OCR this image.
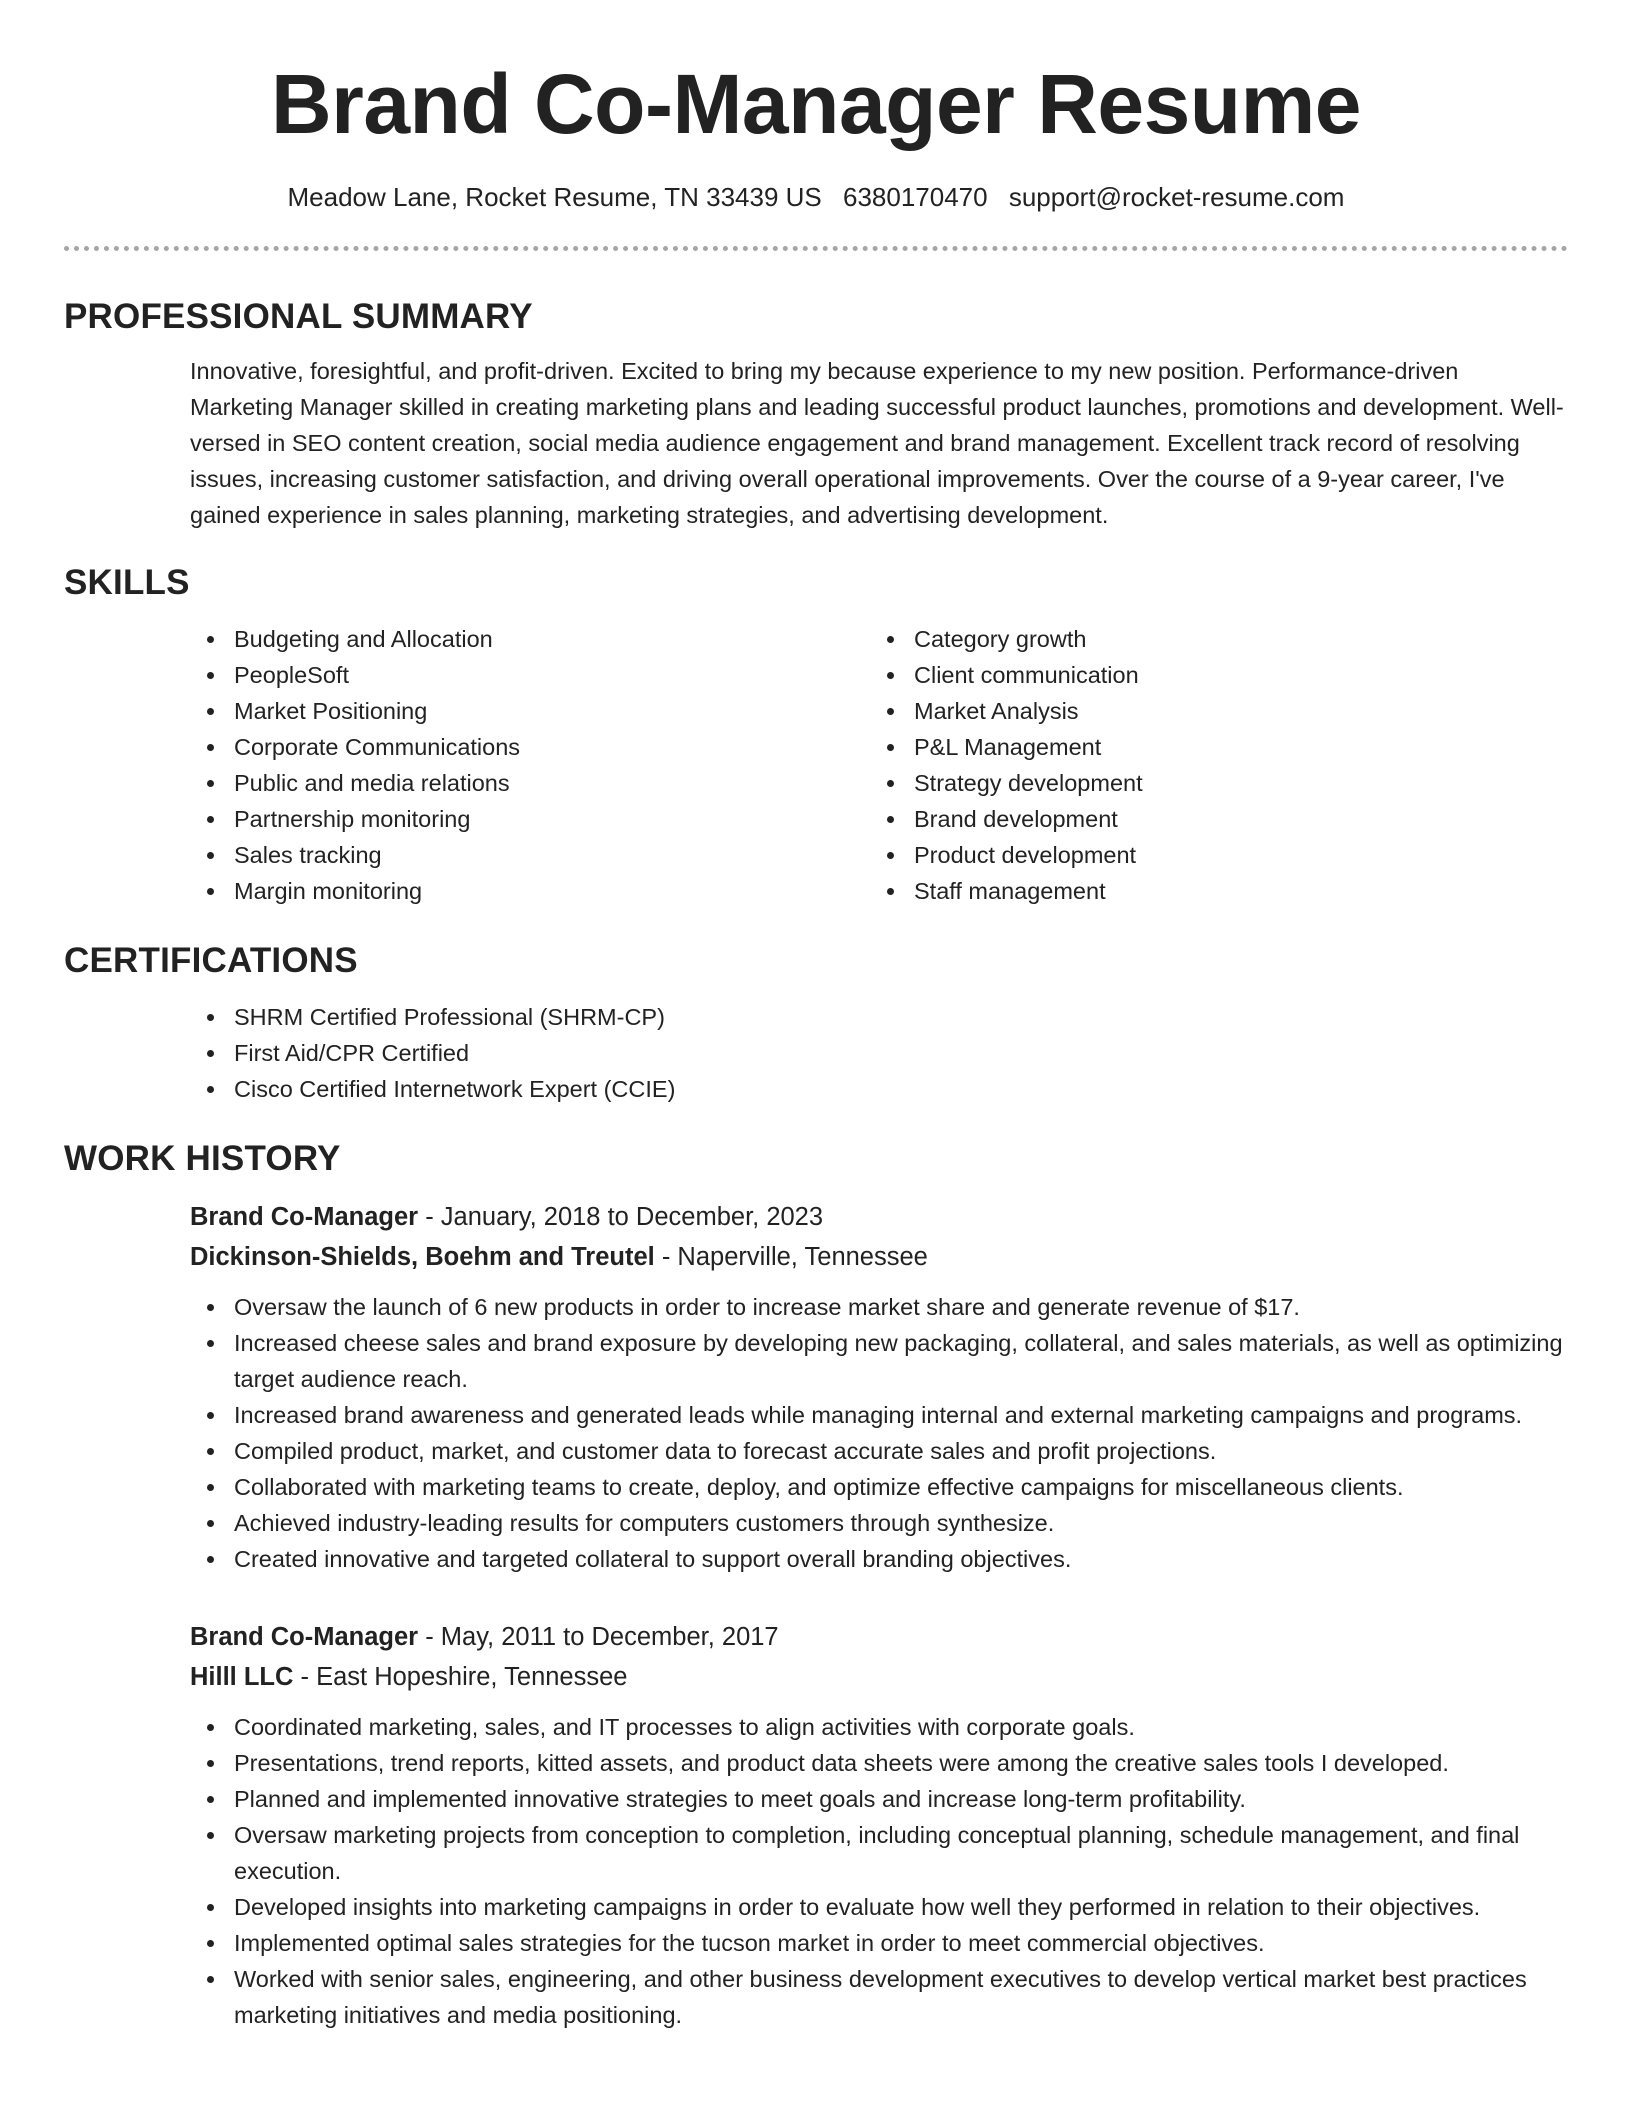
Brand Co-Manager Resume
Meadow Lane, Rocket Resume, TN 33439 US 6380170470 support@rocket-resume.com
PROFESSIONAL SUMMARY

Innovative, foresightful, and profit-driven. Excited to bring my because experience to my new position. Performance-driven Marketing Manager skilled in creating marketing plans and leading successful product launches, promotions and development. Well-versed in SEO content creation, social media audience engagement and brand management. Excellent track record of resolving issues, increasing customer satisfaction, and driving overall operational improvements. Over the course of a 9-year career, I've gained experience in sales planning, marketing strategies, and advertising development.

SKILLS
Budgeting and Allocation
PeopleSoft
Market Positioning
Corporate Communications
Public and media relations
Partnership monitoring
Sales tracking
Margin monitoring
Category growth
Client communication
Market Analysis
P&L Management
Strategy development
Brand development
Product development
Staff management
CERTIFICATIONS
SHRM Certified Professional (SHRM-CP)
First Aid/CPR Certified
Cisco Certified Internetwork Expert (CCIE)
WORK HISTORY
Brand Co-Manager - January, 2018 to December, 2023
Dickinson-Shields, Boehm and Treutel - Naperville, Tennessee
Oversaw the launch of 6 new products in order to increase market share and generate revenue of $17.
Increased cheese sales and brand exposure by developing new packaging, collateral, and sales materials, as well as optimizing target audience reach.
Increased brand awareness and generated leads while managing internal and external marketing campaigns and programs.
Compiled product, market, and customer data to forecast accurate sales and profit projections.
Collaborated with marketing teams to create, deploy, and optimize effective campaigns for miscellaneous clients.
Achieved industry-leading results for computers customers through synthesize.
Created innovative and targeted collateral to support overall branding objectives.
Brand Co-Manager - May, 2011 to December, 2017
Hilll LLC - East Hopeshire, Tennessee
Coordinated marketing, sales, and IT processes to align activities with corporate goals.
Presentations, trend reports, kitted assets, and product data sheets were among the creative sales tools I developed.
Planned and implemented innovative strategies to meet goals and increase long-term profitability.
Oversaw marketing projects from conception to completion, including conceptual planning, schedule management, and final execution.
Developed insights into marketing campaigns in order to evaluate how well they performed in relation to their objectives.
Implemented optimal sales strategies for the tucson market in order to meet commercial objectives.
Worked with senior sales, engineering, and other business development executives to develop vertical market best practices marketing initiatives and media positioning.
